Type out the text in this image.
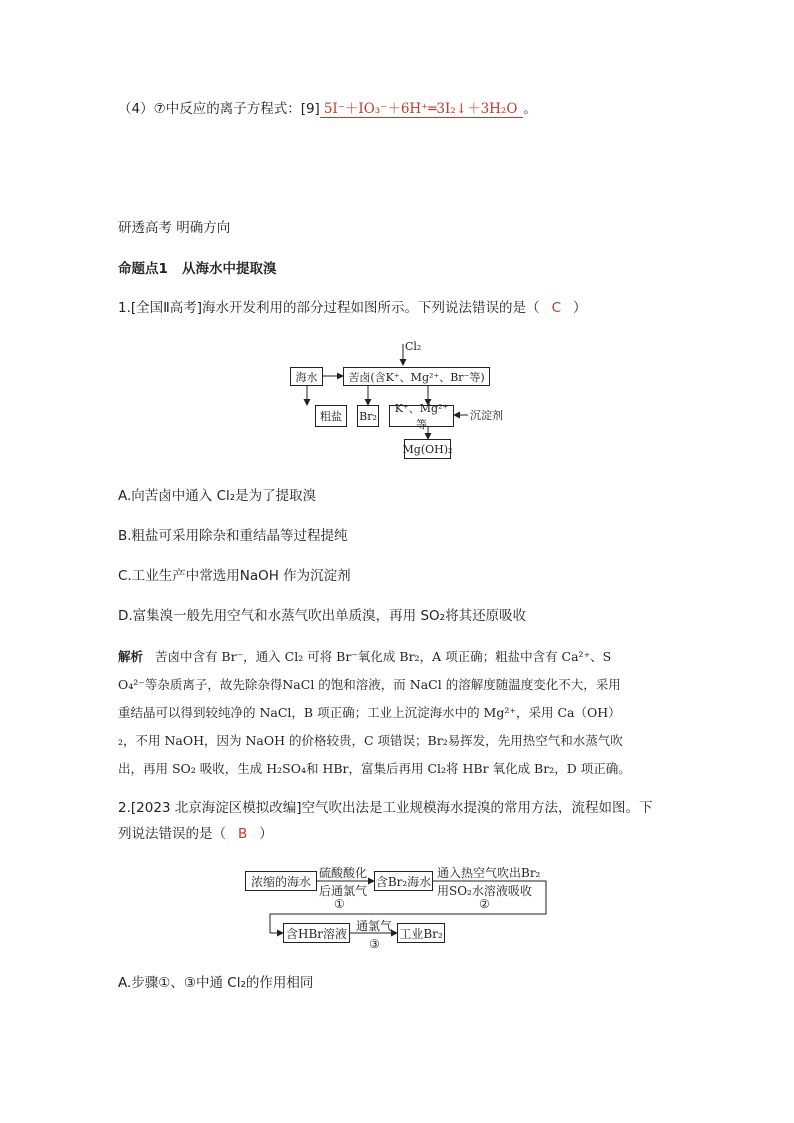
（4）⑦中反应的离子方程式：[9] 5I⁻＋IO₃⁻＋6H⁺═3I₂↓＋3H₂O 。
研透高考 明确方向
命题点1 从海水中提取溴
1.[全国Ⅱ高考]海水开发利用的部分过程如图所示。下列说法错误的是（ C ）
海水	苦卤(含K⁺、Mg²⁺、Br⁻等)
Cl₂
粗盐	Br₂
K⁺、Mg²⁺等
沉淀剂
Mg(OH)₂
A.向苦卤中通入 Cl₂是为了提取溴
B.粗盐可采用除杂和重结晶等过程提纯
C.工业生产中常选用NaOH 作为沉淀剂
D.富集溴一般先用空气和水蒸气吹出单质溴，再用 SO₂将其还原吸收
解析 苦卤中含有 Br⁻，通入 Cl₂ 可将 Br⁻氧化成 Br₂，A 项正确；粗盐中含有 Ca²⁺、S
O₄²⁻等杂质离子，故先除杂得NaCl 的饱和溶液，而 NaCl 的溶解度随温度变化不大，采用
重结晶可以得到较纯净的 NaCl，B 项正确；工业上沉淀海水中的 Mg²⁺，采用 Ca（OH）
₂，不用 NaOH，因为 NaOH 的价格较贵，C 项错误；Br₂易挥发，先用热空气和水蒸气吹
出，再用 SO₂ 吸收，生成 H₂SO₄和 HBr，富集后再用 Cl₂将 HBr 氧化成 Br₂，D 项正确。
2.[2023 北京海淀区模拟改编]空气吹出法是工业规模海水提溴的常用方法，流程如图。下
列说法错误的是（ B ）
浓缩的海水
硫酸酸化
后通氯气
①
含Br₂海水
通入热空气吹出Br₂
用SO₂水溶液吸收
②
含HBr溶液
通氯气
③
工业Br₂
A.步骤①、③中通 Cl₂的作用相同
